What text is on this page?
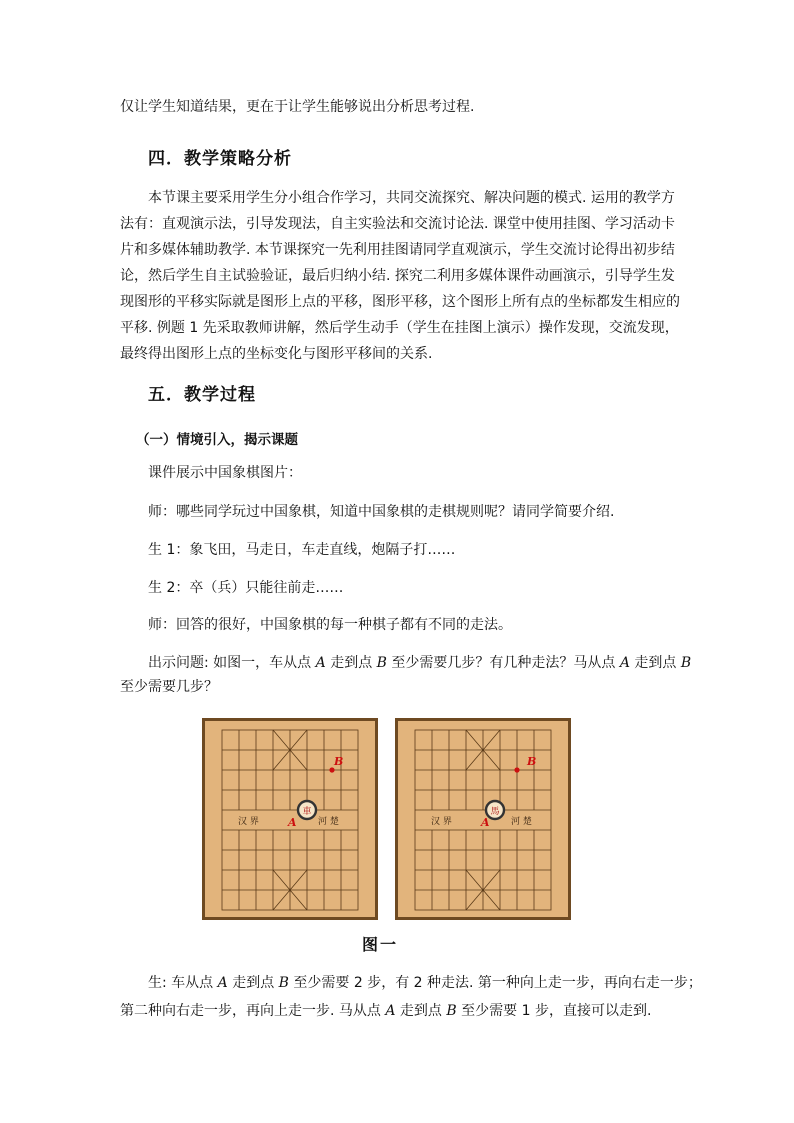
仅让学生知道结果，更在于让学生能够说出分析思考过程.
四．教学策略分析
本节课主要采用学生分小组合作学习，共同交流探究、解决问题的模式. 运用的教学方
法有：直观演示法，引导发现法，自主实验法和交流讨论法. 课堂中使用挂图、学习活动卡
片和多媒体辅助教学. 本节课探究一先利用挂图请同学直观演示，学生交流讨论得出初步结
论，然后学生自主试验验证，最后归纳小结. 探究二利用多媒体课件动画演示，引导学生发
现图形的平移实际就是图形上点的平移，图形平移，这个图形上所有点的坐标都发生相应的
平移. 例题 1 先采取教师讲解，然后学生动手（学生在挂图上演示）操作发现，交流发现，
最终得出图形上点的坐标变化与图形平移间的关系.
五．教学过程
（一）情境引入，揭示课题
课件展示中国象棋图片：
师：哪些同学玩过中国象棋，知道中国象棋的走棋规则呢？请同学简要介绍.
生 1：象飞田，马走日，车走直线，炮隔子打……
生 2：卒（兵）只能往前走……
师：回答的很好，中国象棋的每一种棋子都有不同的走法。
出示问题: 如图一，车从点 A 走到点 B 至少需要几步？有几种走法？马从点 A 走到点 B
至少需要几步？
汉 界	河 楚
B
車
A	汉 界	河 楚
B
馬
A
图一
生: 车从点 A 走到点 B 至少需要 2 步，有 2 种走法. 第一种向上走一步，再向右走一步；
第二种向右走一步，再向上走一步. 马从点 A 走到点 B 至少需要 1 步，直接可以走到.
